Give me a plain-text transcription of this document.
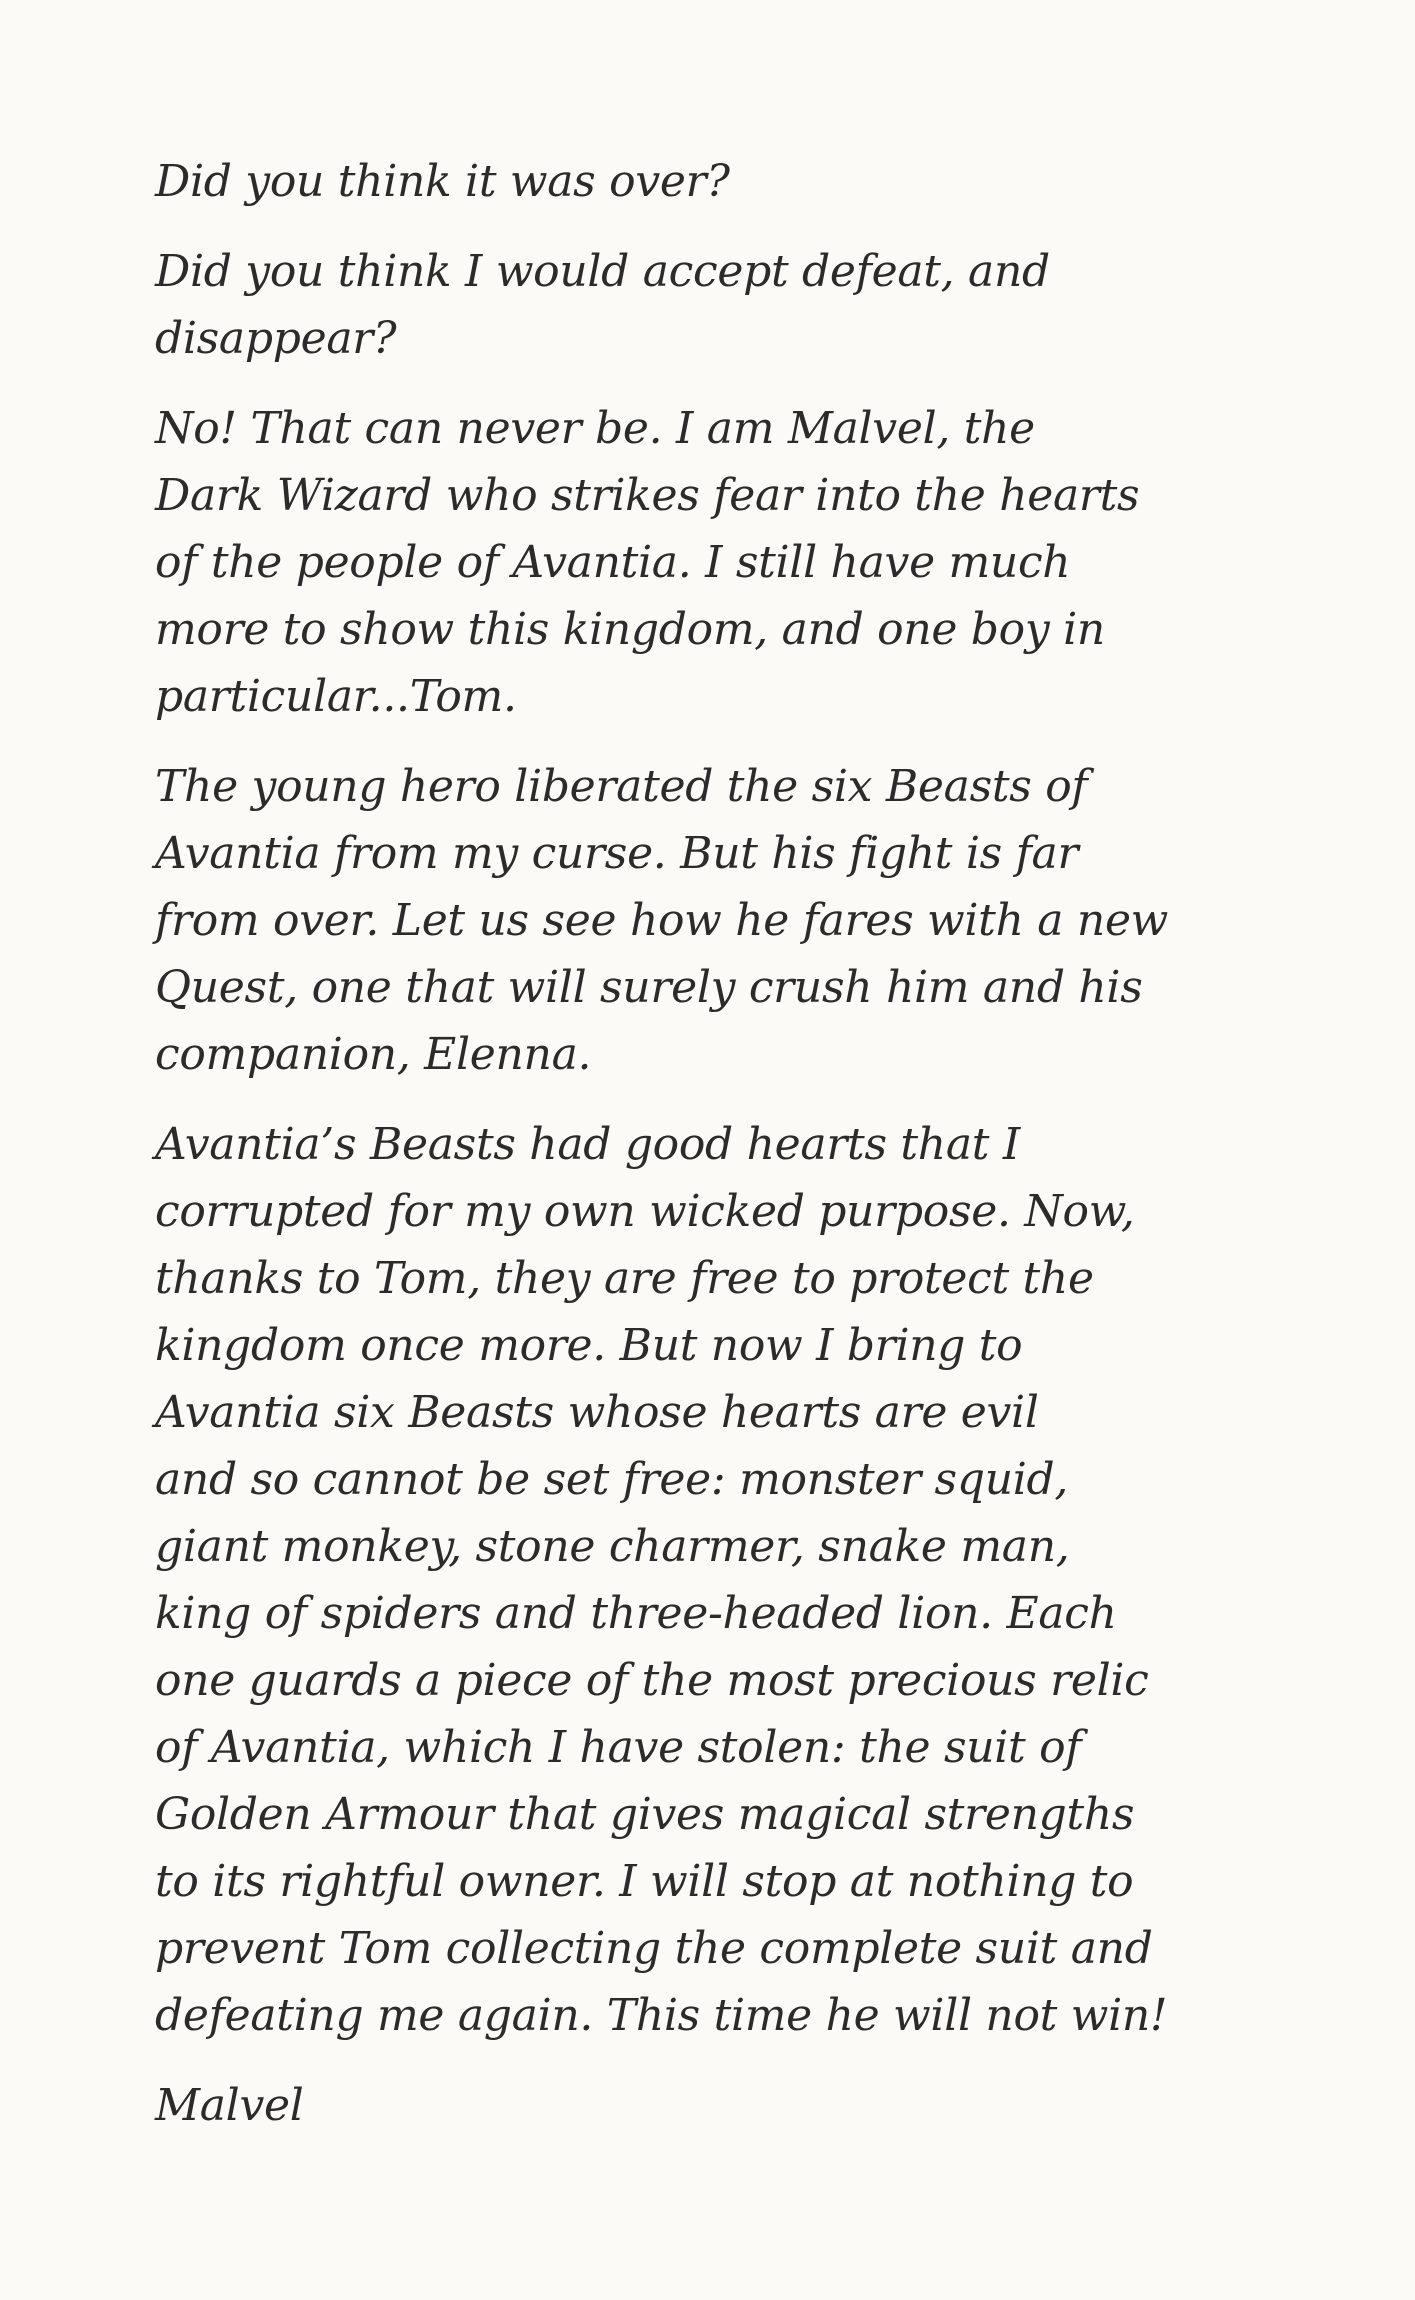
Did you think it was over?

Did you think I would accept defeat, and
disappear?

No! That can never be. I am Malvel, the
Dark Wizard who strikes fear into the hearts
of the people of Avantia. I still have much
more to show this kingdom, and one boy in
particular...Tom.

The young hero liberated the six Beasts of
Avantia from my curse. But his fight is far
from over. Let us see how he fares with a new
Quest, one that will surely crush him and his
companion, Elenna.

Avantia’s Beasts had good hearts that I
corrupted for my own wicked purpose. Now,
thanks to Tom, they are free to protect the
kingdom once more. But now I bring to
Avantia six Beasts whose hearts are evil
and so cannot be set free: monster squid,
giant monkey, stone charmer, snake man,
king of spiders and three-headed lion. Each
one guards a piece of the most precious relic
of Avantia, which I have stolen: the suit of
Golden Armour that gives magical strengths
to its rightful owner. I will stop at nothing to
prevent Tom collecting the complete suit and
defeating me again. This time he will not win!

Malvel
